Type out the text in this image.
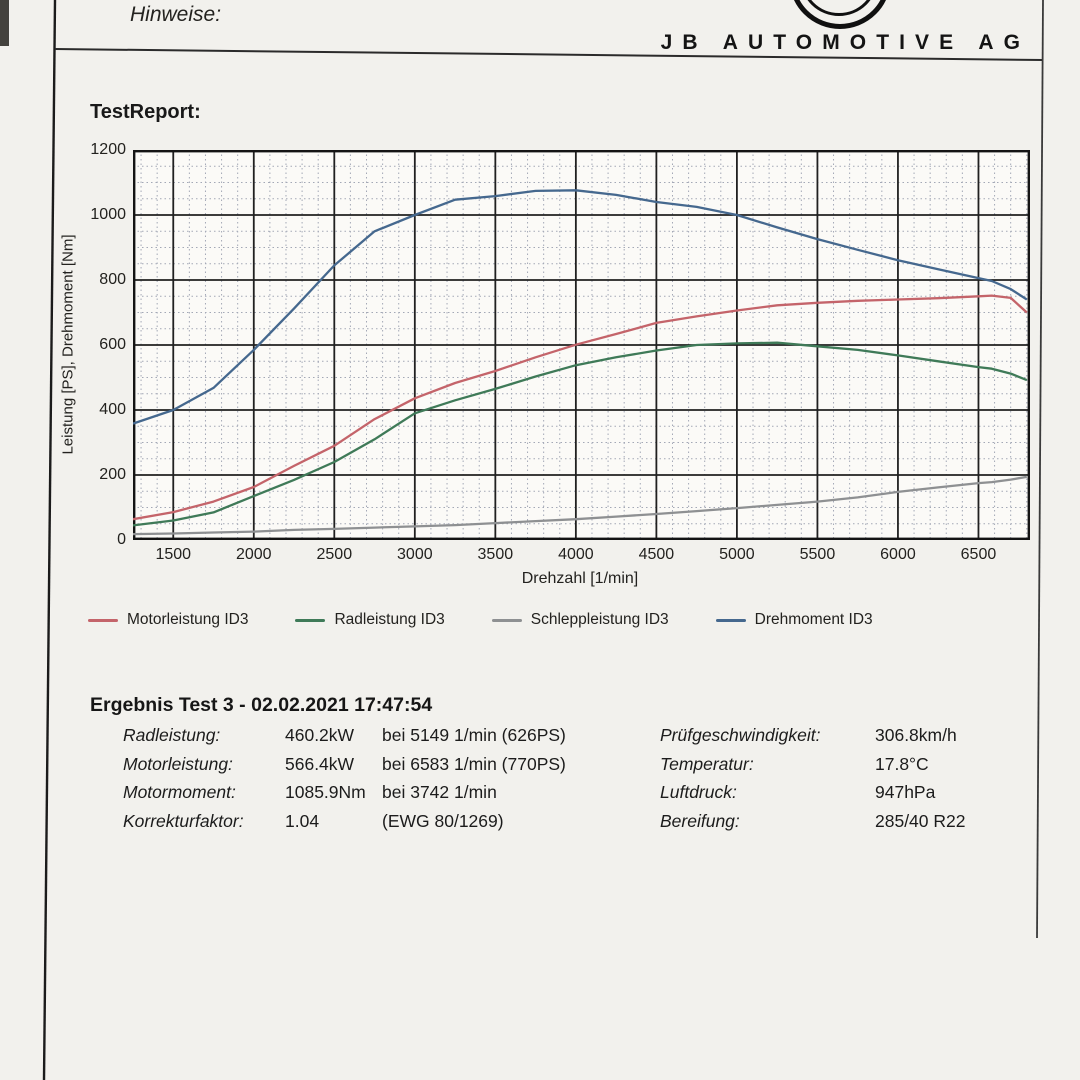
Hinweise:
JB AUTOMOTIVE AG
TestReport:
Leistung [PS], Drehmoment [Nm]
Drehzahl [1/min]
Motorleistung ID3	Radleistung ID3	Schleppleistung ID3	Drehmoment ID3
Ergebnis Test 3 - 02.02.2021 17:47:54
0
200
400
600
800
1000
1200
1500	2000	2500	3000	3500	4000	4500	5000	5500	6000	6500
Radleistung:	460.2kW	bei 5149 1/min (626PS)
Motorleistung:	566.4kW	bei 6583 1/min (770PS)
Motormoment:	1085.9Nm bei 3742 1/min
Korrekturfaktor:	1.04	(EWG 80/1269)
Prüfgeschwindigkeit:	306.8km/h
Temperatur:	17.8°C
Luftdruck:	947hPa
Bereifung:	285/40 R22
